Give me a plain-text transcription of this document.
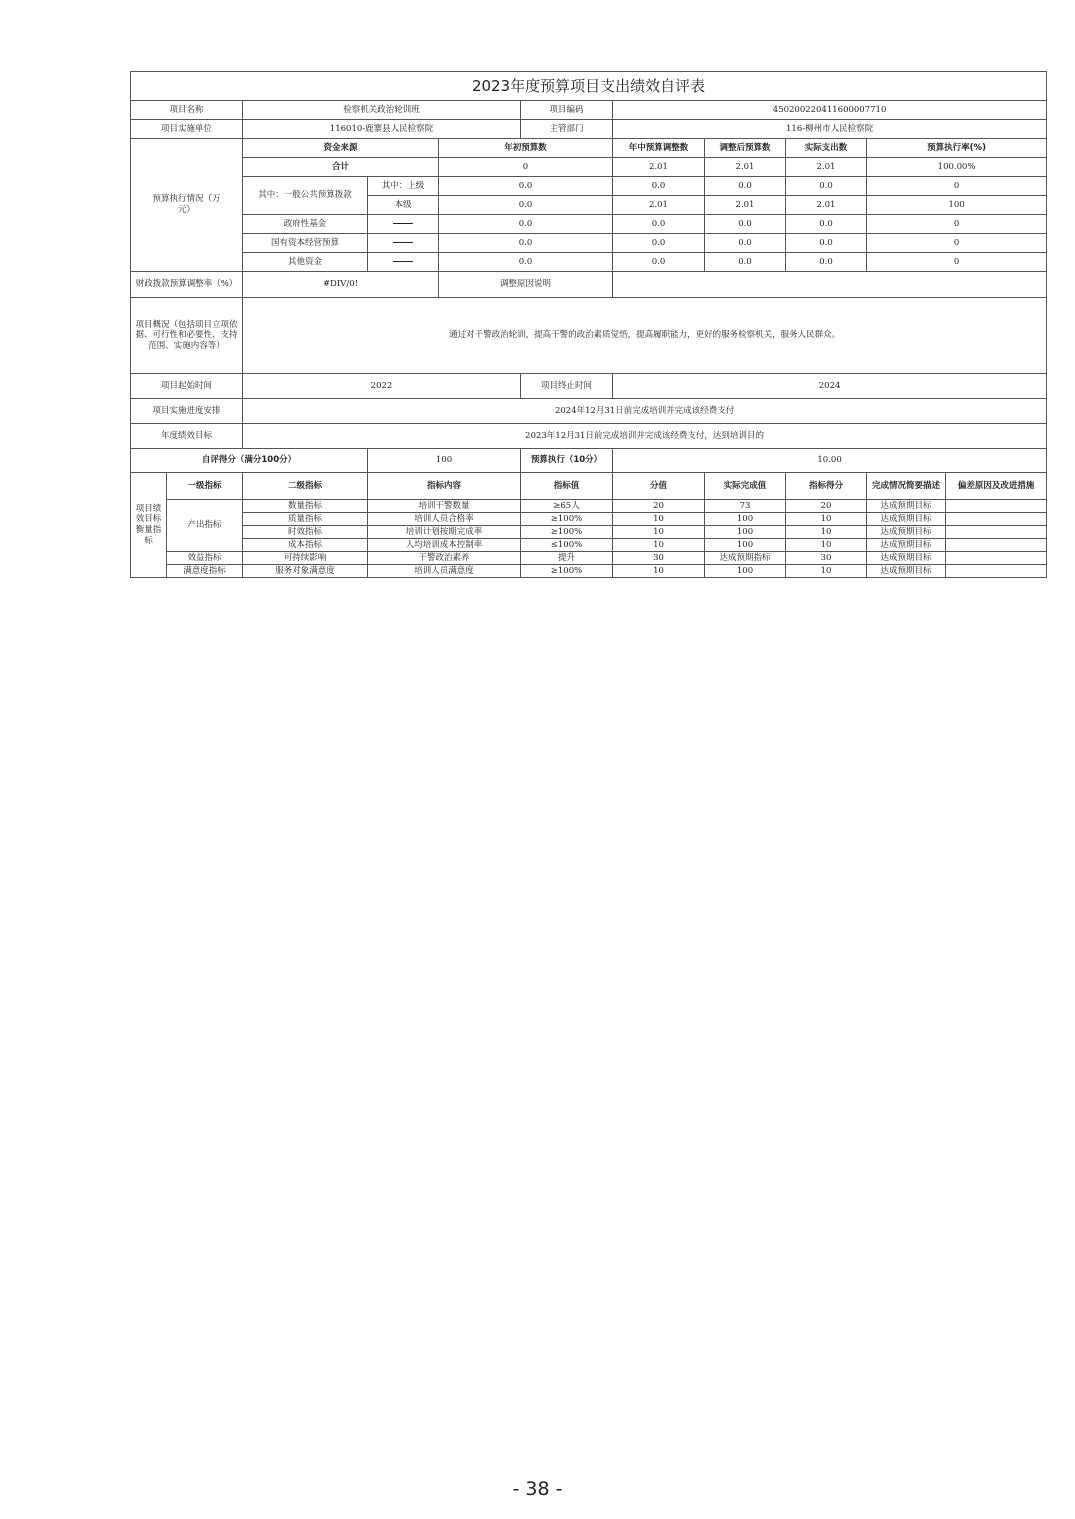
2023年度预算项目支出绩效自评表										
项目名称		检察机关政治轮训班			项目编码	450200220411600007710				
项目实施单位		116010-鹿寨县人民检察院			主管部门	116-柳州市人民检察院				
预算执行情况（万元）		资金来源		年初预算数		年中预算调整数	调整后预算数	实际支出数	预算执行率(%)	
		合计		0		2.01	2.01	2.01	100.00%	
		其中：一般公共预算拨款	其中：上级	0.0		0.0	0.0	0.0	0	
			本级	0.0		2.01	2.01	2.01	100	
		政府性基金		0.0		0.0	0.0	0.0	0	
		国有资本经营预算		0.0		0.0	0.0	0.0	0	
		其他资金		0.0		0.0	0.0	0.0	0	
财政拨款预算调整率（%）		#DIV/0!		调整原因说明						
项目概况（包括项目立项依据、可行性和必要性、支持范围、实施内容等）		通过对干警政治轮训，提高干警的政治素质觉悟，提高履职能力，更好的服务检察机关，服务人民群众。								
项目起始时间		2022			项目终止时间	2024				
项目实施进度安排		2024年12月31日前完成培训并完成该经费支付								
年度绩效目标		2023年12月31日前完成培训并完成该经费支付，达到培训目的								
自评得分（满分100分）			100		预算执行（10分）	10.00				
项目绩效目标衡量指标	一级指标	二级指标	指标内容		指标值	分值	实际完成值	指标得分	完成情况简要描述	偏差原因及改进措施
	产出指标	数量指标	培训干警数量		≥65人	20	73	20	达成预期目标	
		质量指标	培训人员合格率		≥100%	10	100	10	达成预期目标	
		时效指标	培训计划按期完成率		≥100%	10	100	10	达成预期目标	
		成本指标	人均培训成本控制率		≤100%	10	100	10	达成预期目标	
	效益指标	可持续影响	干警政治素养		提升	30	达成预期指标	30	达成预期目标	
	满意度指标	服务对象满意度	培训人员满意度		≥100%	10	100	10	达成预期目标	
- 38 -
